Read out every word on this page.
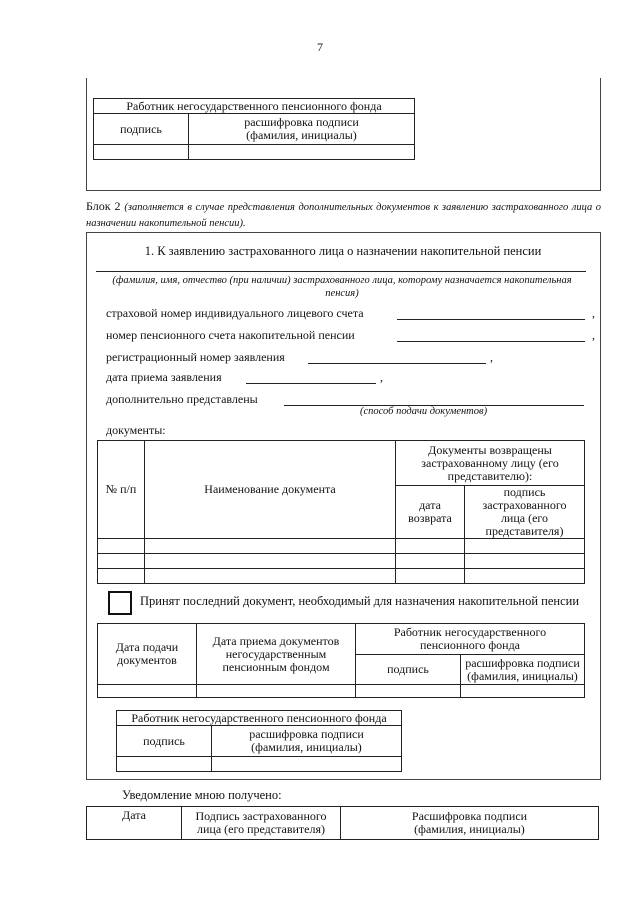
7
Работник негосударственного пенсионного фонда	
подпись	расшифровка подписи (фамилия, инициалы)

Блок 2 (заполняется в случае представления дополнительных документов к заявлению застрахованного лица о назначении накопительной пенсии).
1. К заявлению застрахованного лица о назначении накопительной пенсии
(фамилия, имя, отчество (при наличии) застрахованного лица, которому назначается накопительная пенсия)
страховой номер индивидуального лицевого счета	,
номер пенсионного счета накопительной пенсии	,
регистрационный номер заявления	,
дата приема заявления	,
дополнительно представлены
(способ подачи документов)
документы:
№ п/п	Наименование документа	Документы возвращены застрахованному лицу (его представителю):	
		дата возврата	подпись застрахованного лица (его представителя)

Принят последний документ, необходимый для назначения накопительной пенсии
Дата подачи документов	Дата приема документов негосударственным пенсионным фондом	Работник негосударственного пенсионного фонда	
		подпись	расшифровка подписи (фамилия, инициалы)

Работник негосударственного пенсионного фонда	
подпись	расшифровка подписи (фамилия, инициалы)

Уведомление мною получено:
Дата	Подпись застрахованного лица (его представителя)	Расшифровка подписи (фамилия, инициалы)
